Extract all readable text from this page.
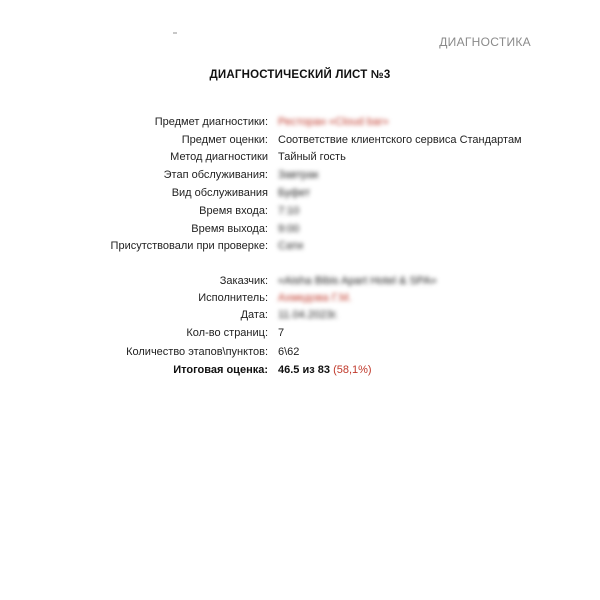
ДИАГНОСТИКА
ДИАГНОСТИЧЕСКИЙ ЛИСТ №3
Предмет диагностики: Ресторан «Cloud bar»
Предмет оценки: Соответствие клиентского сервиса Стандартам
Метод диагностики Тайный гость
Этап обслуживания: Завтрак
Вид обслуживания Буфет
Время входа: 7:10
Время выхода: 9:00
Присутствовали при проверке: Сати
Заказчик: «Aisha Bibis Apart Hotel & SPA»
Исполнитель: Ахмедова Г.М.
Дата: 11.04.2023г.
Кол-во страниц: 7
Количество этапов\пунктов: 6\62
Итоговая оценка: 46.5 из 83 (58,1%)
